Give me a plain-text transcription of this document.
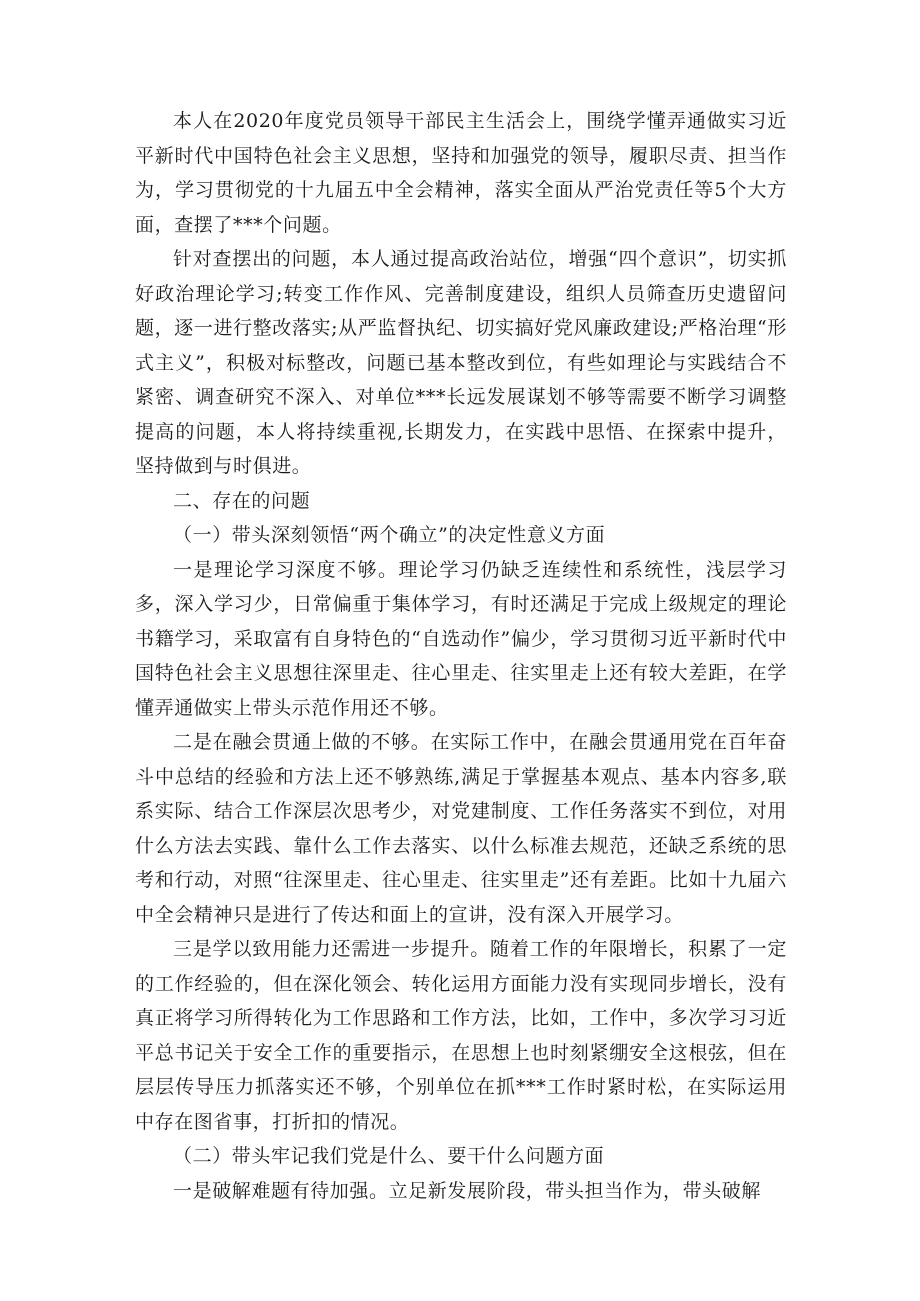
本人在2020年度党员领导干部民主生活会上，围绕学懂弄通做实习近平新时代中国特色社会主义思想，坚持和加强党的领导，履职尽责、担当作为，学习贯彻党的十九届五中全会精神，落实全面从严治党责任等5个大方面，查摆了***个问题。

针对查摆出的问题，本人通过提高政治站位，增强“四个意识”，切实抓好政治理论学习;转变工作作风、完善制度建设，组织人员筛查历史遗留问题，逐一进行整改落实;从严监督执纪、切实搞好党风廉政建设;严格治理“形式主义”，积极对标整改，问题已基本整改到位，有些如理论与实践结合不紧密、调查研究不深入、对单位***长远发展谋划不够等需要不断学习调整提高的问题，本人将持续重视,长期发力，在实践中思悟、在探索中提升，坚持做到与时俱进。

二、存在的问题

（一）带头深刻领悟“两个确立”的决定性意义方面

一是理论学习深度不够。理论学习仍缺乏连续性和系统性，浅层学习多，深入学习少，日常偏重于集体学习，有时还满足于完成上级规定的理论书籍学习，采取富有自身特色的“自选动作”偏少，学习贯彻习近平新时代中国特色社会主义思想往深里走、往心里走、往实里走上还有较大差距，在学懂弄通做实上带头示范作用还不够。

二是在融会贯通上做的不够。在实际工作中，在融会贯通用党在百年奋斗中总结的经验和方法上还不够熟练,满足于掌握基本观点、基本内容多,联系实际、结合工作深层次思考少，对党建制度、工作任务落实不到位，对用什么方法去实践、靠什么工作去落实、以什么标准去规范，还缺乏系统的思考和行动，对照“往深里走、往心里走、往实里走”还有差距。比如十九届六中全会精神只是进行了传达和面上的宣讲，没有深入开展学习。

三是学以致用能力还需进一步提升。随着工作的年限增长，积累了一定的工作经验的，但在深化领会、转化运用方面能力没有实现同步增长，没有真正将学习所得转化为工作思路和工作方法，比如，工作中，多次学习习近平总书记关于安全工作的重要指示，在思想上也时刻紧绷安全这根弦，但在层层传导压力抓落实还不够，个别单位在抓***工作时紧时松，在实际运用中存在图省事，打折扣的情况。

（二）带头牢记我们党是什么、要干什么问题方面

一是破解难题有待加强。立足新发展阶段，带头担当作为，带头破解
